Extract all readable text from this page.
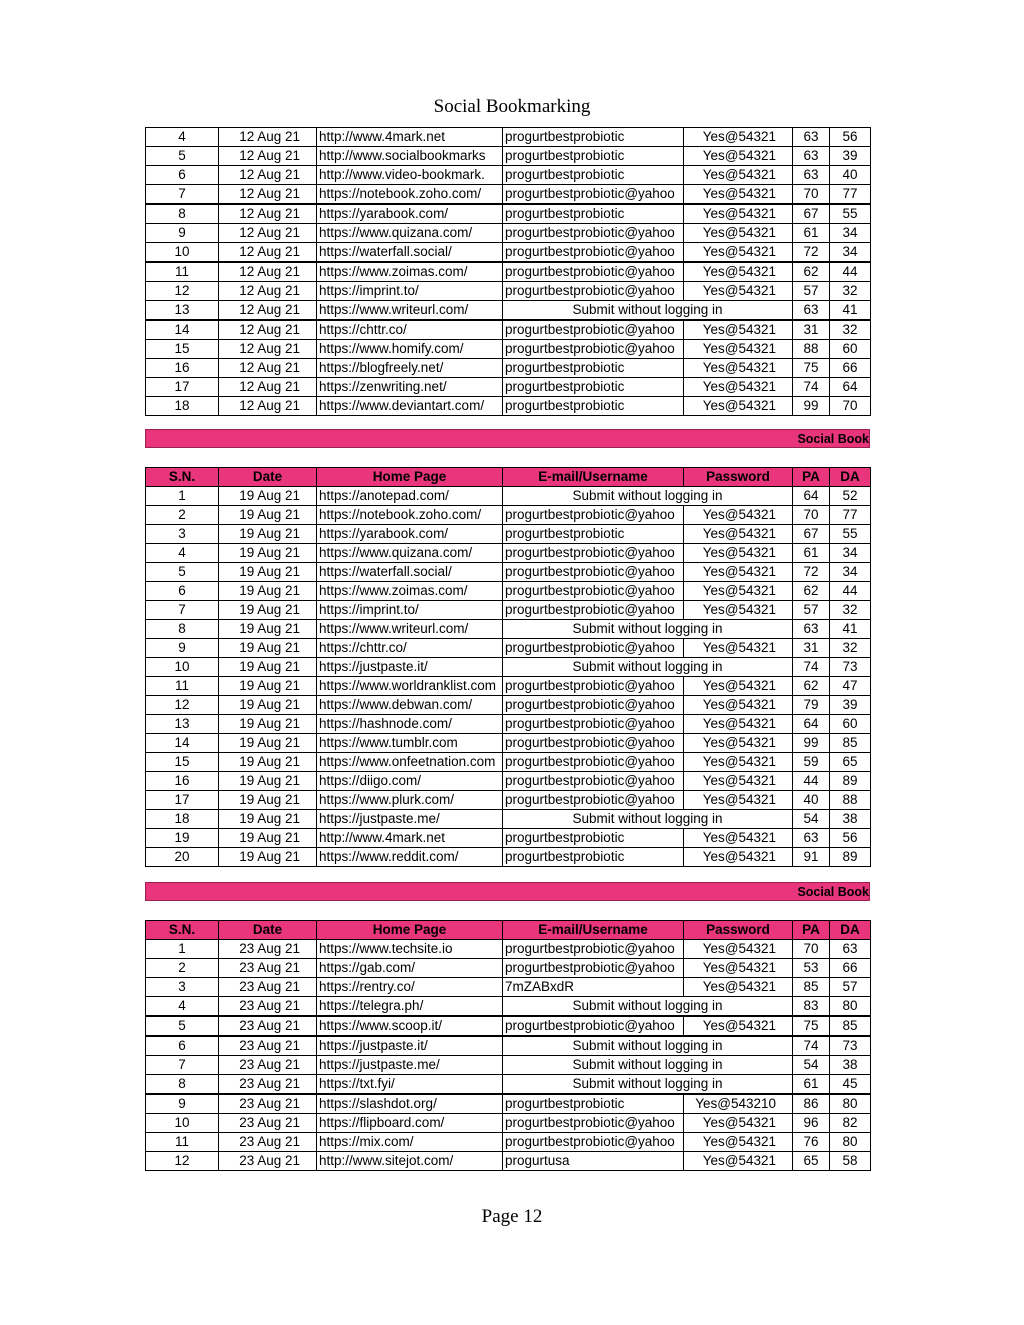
Social Bookmarking
4	12 Aug 21	http://www.4mark.net	progurtbestprobiotic	Yes@54321	63	56
5	12 Aug 21	http://www.socialbookmarks	progurtbestprobiotic	Yes@54321	63	39
6	12 Aug 21	http://www.video-bookmark.	progurtbestprobiotic	Yes@54321	63	40
7	12 Aug 21	https://notebook.zoho.com/	progurtbestprobiotic@yahoo	Yes@54321	70	77
8	12 Aug 21	https://yarabook.com/	progurtbestprobiotic	Yes@54321	67	55
9	12 Aug 21	https://www.quizana.com/	progurtbestprobiotic@yahoo	Yes@54321	61	34
10	12 Aug 21	https://waterfall.social/	progurtbestprobiotic@yahoo	Yes@54321	72	34
11	12 Aug 21	https://www.zoimas.com/	progurtbestprobiotic@yahoo	Yes@54321	62	44
12	12 Aug 21	https://imprint.to/	progurtbestprobiotic@yahoo	Yes@54321	57	32
13	12 Aug 21	https://www.writeurl.com/	Submit without logging in		63	41
14	12 Aug 21	https://chttr.co/	progurtbestprobiotic@yahoo	Yes@54321	31	32
15	12 Aug 21	https://www.homify.com/	progurtbestprobiotic@yahoo	Yes@54321	88	60
16	12 Aug 21	https://blogfreely.net/	progurtbestprobiotic	Yes@54321	75	66
17	12 Aug 21	https://zenwriting.net/	progurtbestprobiotic	Yes@54321	74	64
18	12 Aug 21	https://www.deviantart.com/	progurtbestprobiotic	Yes@54321	99	70
Social Book
S.N.	Date	Home Page	E-mail/Username	Password	PA	DA
1	19 Aug 21	https://anotepad.com/	Submit without logging in		64	52
2	19 Aug 21	https://notebook.zoho.com/	progurtbestprobiotic@yahoo	Yes@54321	70	77
3	19 Aug 21	https://yarabook.com/	progurtbestprobiotic	Yes@54321	67	55
4	19 Aug 21	https://www.quizana.com/	progurtbestprobiotic@yahoo	Yes@54321	61	34
5	19 Aug 21	https://waterfall.social/	progurtbestprobiotic@yahoo	Yes@54321	72	34
6	19 Aug 21	https://www.zoimas.com/	progurtbestprobiotic@yahoo	Yes@54321	62	44
7	19 Aug 21	https://imprint.to/	progurtbestprobiotic@yahoo	Yes@54321	57	32
8	19 Aug 21	https://www.writeurl.com/	Submit without logging in		63	41
9	19 Aug 21	https://chttr.co/	progurtbestprobiotic@yahoo	Yes@54321	31	32
10	19 Aug 21	https://justpaste.it/	Submit without logging in		74	73
11	19 Aug 21	https://www.worldranklist.com	progurtbestprobiotic@yahoo	Yes@54321	62	47
12	19 Aug 21	https://www.debwan.com/	progurtbestprobiotic@yahoo	Yes@54321	79	39
13	19 Aug 21	https://hashnode.com/	progurtbestprobiotic@yahoo	Yes@54321	64	60
14	19 Aug 21	https://www.tumblr.com	progurtbestprobiotic@yahoo	Yes@54321	99	85
15	19 Aug 21	https://www.onfeetnation.com	progurtbestprobiotic@yahoo	Yes@54321	59	65
16	19 Aug 21	https://diigo.com/	progurtbestprobiotic@yahoo	Yes@54321	44	89
17	19 Aug 21	https://www.plurk.com/	progurtbestprobiotic@yahoo	Yes@54321	40	88
18	19 Aug 21	https://justpaste.me/	Submit without logging in		54	38
19	19 Aug 21	http://www.4mark.net	progurtbestprobiotic	Yes@54321	63	56
20	19 Aug 21	https://www.reddit.com/	progurtbestprobiotic	Yes@54321	91	89
Social Book
S.N.	Date	Home Page	E-mail/Username	Password	PA	DA
1	23 Aug 21	https://www.techsite.io	progurtbestprobiotic@yahoo	Yes@54321	70	63
2	23 Aug 21	https://gab.com/	progurtbestprobiotic@yahoo	Yes@54321	53	66
3	23 Aug 21	https://rentry.co/	7mZABxdR	Yes@54321	85	57
4	23 Aug 21	https://telegra.ph/	Submit without logging in		83	80
5	23 Aug 21	https://www.scoop.it/	progurtbestprobiotic@yahoo	Yes@54321	75	85
6	23 Aug 21	https://justpaste.it/	Submit without logging in		74	73
7	23 Aug 21	https://justpaste.me/	Submit without logging in		54	38
8	23 Aug 21	https://txt.fyi/	Submit without logging in		61	45
9	23 Aug 21	https://slashdot.org/	progurtbestprobiotic	Yes@543210	86	80
10	23 Aug 21	https://flipboard.com/	progurtbestprobiotic@yahoo	Yes@54321	96	82
11	23 Aug 21	https://mix.com/	progurtbestprobiotic@yahoo	Yes@54321	76	80
12	23 Aug 21	http://www.sitejot.com/	progurtusa	Yes@54321	65	58
Page 12
